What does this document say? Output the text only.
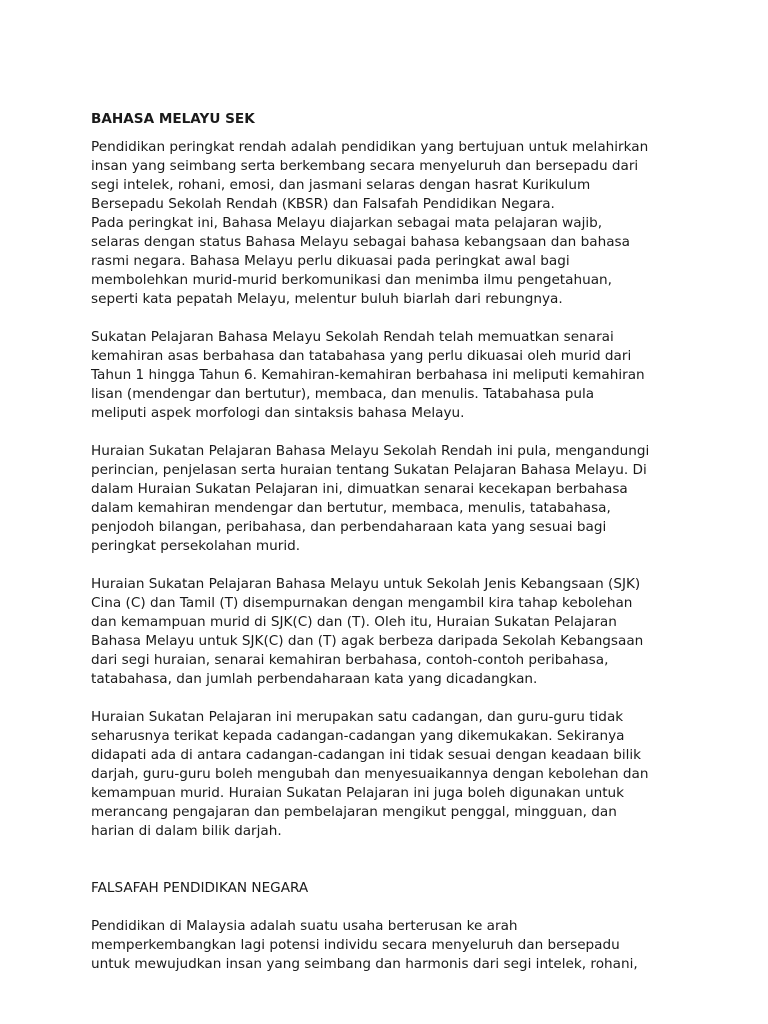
BAHASA MELAYU SEK
Pendidikan peringkat rendah adalah pendidikan yang bertujuan untuk melahirkan
insan yang seimbang serta berkembang secara menyeluruh dan bersepadu dari
segi intelek, rohani, emosi, dan jasmani selaras dengan hasrat Kurikulum
Bersepadu Sekolah Rendah (KBSR) dan Falsafah Pendidikan Negara.
Pada peringkat ini, Bahasa Melayu diajarkan sebagai mata pelajaran wajib,
selaras dengan status Bahasa Melayu sebagai bahasa kebangsaan dan bahasa
rasmi negara. Bahasa Melayu perlu dikuasai pada peringkat awal bagi
membolehkan murid-murid berkomunikasi dan menimba ilmu pengetahuan,
seperti kata pepatah Melayu, melentur buluh biarlah dari rebungnya.
Sukatan Pelajaran Bahasa Melayu Sekolah Rendah telah memuatkan senarai
kemahiran asas berbahasa dan tatabahasa yang perlu dikuasai oleh murid dari
Tahun 1 hingga Tahun 6. Kemahiran-kemahiran berbahasa ini meliputi kemahiran
lisan (mendengar dan bertutur), membaca, dan menulis. Tatabahasa pula
meliputi aspek morfologi dan sintaksis bahasa Melayu.
Huraian Sukatan Pelajaran Bahasa Melayu Sekolah Rendah ini pula, mengandungi
perincian, penjelasan serta huraian tentang Sukatan Pelajaran Bahasa Melayu. Di
dalam Huraian Sukatan Pelajaran ini, dimuatkan senarai kecekapan berbahasa
dalam kemahiran mendengar dan bertutur, membaca, menulis, tatabahasa,
penjodoh bilangan, peribahasa, dan perbendaharaan kata yang sesuai bagi
peringkat persekolahan murid.
Huraian Sukatan Pelajaran Bahasa Melayu untuk Sekolah Jenis Kebangsaan (SJK)
Cina (C) dan Tamil (T) disempurnakan dengan mengambil kira tahap kebolehan
dan kemampuan murid di SJK(C) dan (T). Oleh itu, Huraian Sukatan Pelajaran
Bahasa Melayu untuk SJK(C) dan (T) agak berbeza daripada Sekolah Kebangsaan
dari segi huraian, senarai kemahiran berbahasa, contoh-contoh peribahasa,
tatabahasa, dan jumlah perbendaharaan kata yang dicadangkan.
Huraian Sukatan Pelajaran ini merupakan satu cadangan, dan guru-guru tidak
seharusnya terikat kepada cadangan-cadangan yang dikemukakan. Sekiranya
didapati ada di antara cadangan-cadangan ini tidak sesuai dengan keadaan bilik
darjah, guru-guru boleh mengubah dan menyesuaikannya dengan kebolehan dan
kemampuan murid. Huraian Sukatan Pelajaran ini juga boleh digunakan untuk
merancang pengajaran dan pembelajaran mengikut penggal, mingguan, dan
harian di dalam bilik darjah.
FALSAFAH PENDIDIKAN NEGARA
Pendidikan di Malaysia adalah suatu usaha berterusan ke arah
memperkembangkan lagi potensi individu secara menyeluruh dan bersepadu
untuk mewujudkan insan yang seimbang dan harmonis dari segi intelek, rohani,
